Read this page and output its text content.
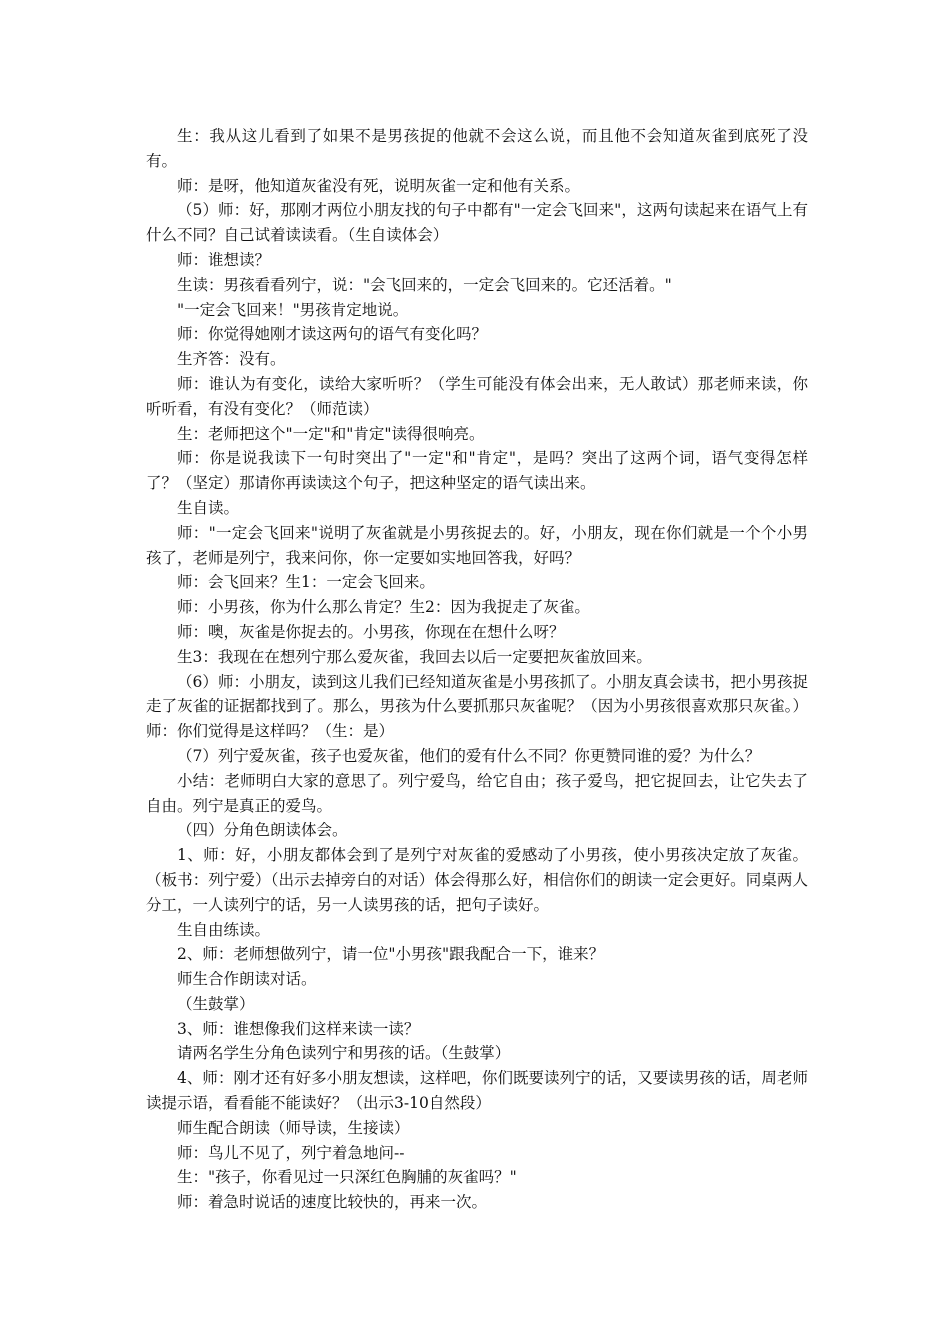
生：我从这儿看到了如果不是男孩捉的他就不会这么说，而且他不会知道灰雀到底死了没有。

师：是呀，他知道灰雀没有死，说明灰雀一定和他有关系。

（5）师：好，那刚才两位小朋友找的句子中都有"一定会飞回来"，这两句读起来在语气上有什么不同？自己试着读读看。（生自读体会）

师：谁想读？

生读：男孩看看列宁，说："会飞回来的，一定会飞回来的。它还活着。"

"一定会飞回来！"男孩肯定地说。

师：你觉得她刚才读这两句的语气有变化吗？

生齐答：没有。

师：谁认为有变化，读给大家听听？（学生可能没有体会出来，无人敢试）那老师来读，你听听看，有没有变化？（师范读）

生：老师把这个"一定"和"肯定"读得很响亮。

师：你是说我读下一句时突出了"一定"和"肯定"，是吗？突出了这两个词，语气变得怎样了？（坚定）那请你再读读这个句子，把这种坚定的语气读出来。

生自读。

师："一定会飞回来"说明了灰雀就是小男孩捉去的。好，小朋友，现在你们就是一个个小男孩了，老师是列宁，我来问你，你一定要如实地回答我，好吗？

师：会飞回来？生1：一定会飞回来。

师：小男孩，你为什么那么肯定？生2：因为我捉走了灰雀。

师：噢，灰雀是你捉去的。小男孩，你现在在想什么呀？

生3：我现在在想列宁那么爱灰雀，我回去以后一定要把灰雀放回来。

（6）师：小朋友，读到这儿我们已经知道灰雀是小男孩抓了。小朋友真会读书，把小男孩捉走了灰雀的证据都找到了。那么，男孩为什么要抓那只灰雀呢？（因为小男孩很喜欢那只灰雀。）师：你们觉得是这样吗？（生：是）

（7）列宁爱灰雀，孩子也爱灰雀，他们的爱有什么不同？你更赞同谁的爱？为什么？

小结：老师明白大家的意思了。列宁爱鸟，给它自由；孩子爱鸟，把它捉回去，让它失去了自由。列宁是真正的爱鸟。

（四）分角色朗读体会。

1、师：好，小朋友都体会到了是列宁对灰雀的爱感动了小男孩，使小男孩决定放了灰雀。（板书：列宁爱）（出示去掉旁白的对话）体会得那么好，相信你们的朗读一定会更好。同桌两人分工，一人读列宁的话，另一人读男孩的话，把句子读好。

生自由练读。

2、师：老师想做列宁，请一位"小男孩"跟我配合一下，谁来？

师生合作朗读对话。

（生鼓掌）

3、师：谁想像我们这样来读一读？

请两名学生分角色读列宁和男孩的话。（生鼓掌）

4、师：刚才还有好多小朋友想读，这样吧，你们既要读列宁的话，又要读男孩的话，周老师读提示语，看看能不能读好？（出示3-10自然段）

师生配合朗读（师导读，生接读）

师：鸟儿不见了，列宁着急地问--

生："孩子，你看见过一只深红色胸脯的灰雀吗？"

师：着急时说话的速度比较快的，再来一次。
